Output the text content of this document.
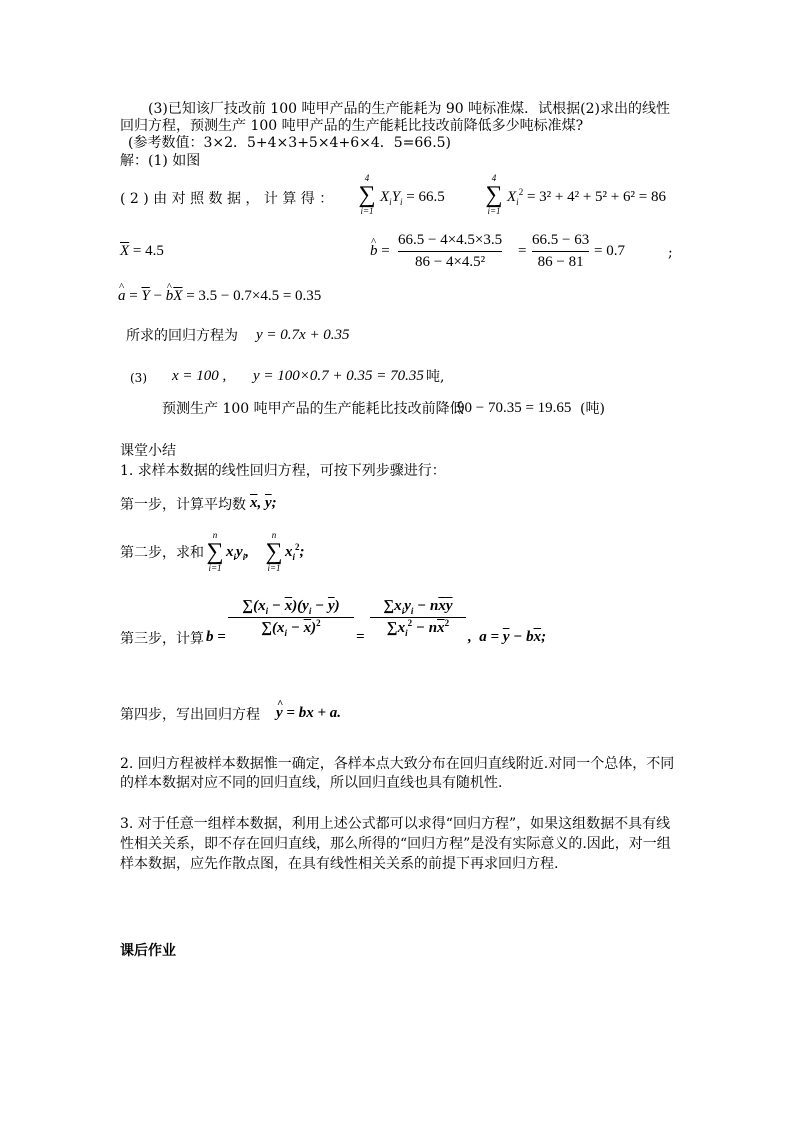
(3)已知该厂技改前 100 吨甲产品的生产能耗为 90 吨标准煤．试根据(2)求出的线性
回归方程，预测生产 100 吨甲产品的生产能耗比技改前降低多少吨标准煤?
(参考数值：3×2．5+4×3+5×4+6×4．5=66.5)
解：(1) 如图
( 2 ) 由 对 照 数 据 ， 计 算 得 ：
4
∑
i=1
$X_iY_i = 66.5$
4
∑
i=1
$X_i^2 = 3^2 + 4^2 + 5^2 + 6^2 = 86$
$\overline{X} = 4.5$	^ b =
66.5 − 4×4.5×3.5
86 − 4×4.5²
=
66.5 − 63
86 − 81
= 0.7	;
^ $a = \overline{Y}$ − ^ $b\overline{X} = 3.5 - 0.7\times 4.5 = 0.35$
所求的回归方程为 y = 0.7x + 0.35
(3) x = 100 , y = 100×0.7 + 0.35 = 70.35 吨,
预测生产 100 吨甲产品的生产能耗比技改前降低
90 − 70.35 = 19.65 (吨)
课堂小结
1. 求样本数据的线性回归方程，可按下列步骤进行：
第一步，计算平均数 $\overline{x}$, $\overline{y}$;
第二步，求和
n
∑
i=1
$x_iy_i$,
n
∑
i=1
$x_i^2$;
第三步，计算 b =
$\sum(x_i - \overline{x})(y_i - \overline{y})$
$\sum(x_i - \overline{x})^2$
=
$\sum x_iy_i - n\overline{x}\overline{y}$
$\sum x_i^2 - n\overline{x}^2$
,  $a = \overline{y} - b\overline{x}$;
第四步，写出回归方程 ^ y = bx + a.
2. 回归方程被样本数据惟一确定，各样本点大致分布在回归直线附近.对同一个总体，不同
的样本数据对应不同的回归直线，所以回归直线也具有随机性.
3. 对于任意一组样本数据，利用上述公式都可以求得“回归方程”，如果这组数据不具有线
性相关关系，即不存在回归直线，那么所得的“回归方程”是没有实际意义的.因此，对一组
样本数据，应先作散点图，在具有线性相关关系的前提下再求回归方程.
课后作业
